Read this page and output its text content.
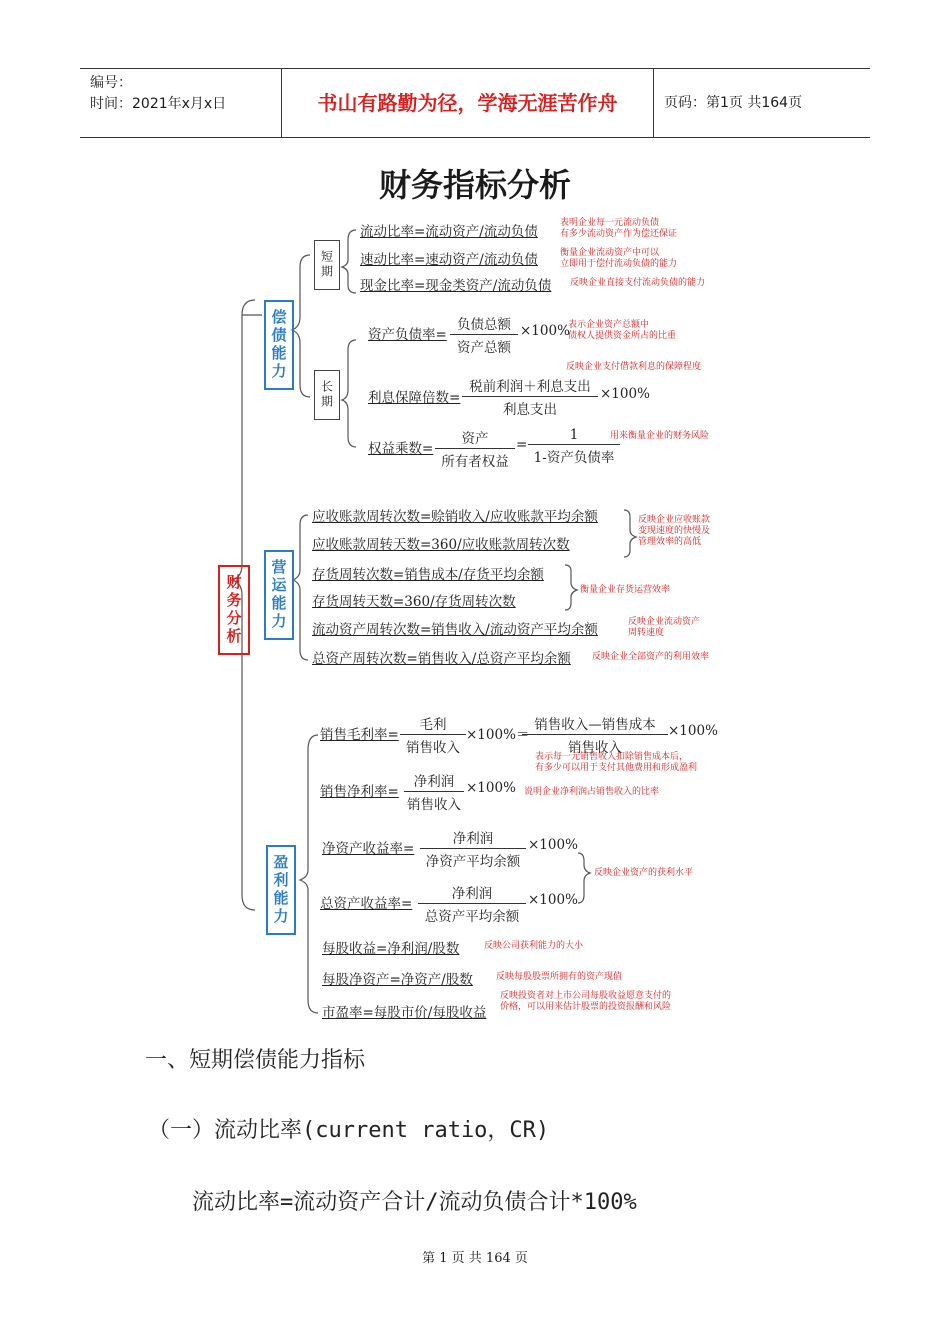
编号：
时间：2021年x月x日	书山有路勤为径，学海无涯苦作舟	页码：第1页 共164页
财务指标分析
财务分析
偿债能力
短期
长期
营运能力
盈利能力
流动比率=流动资产/流动负债
表明企业每一元流动负债
有多少流动资产作为偿还保证
速动比率=速动资产/流动负债 衡量企业流动资产中可以
立即用于偿付流动负债的能力
现金比率=现金类资产/流动负债 反映企业直接支付流动负债的能力
资产负债率=
负债总额
资产总额
×100%
表示企业资产总额中
债权人提供资金所占的比重
反映企业支付借款利息的保障程度
利息保障倍数=
税前利润＋利息支出
利息支出
×100%
权益乘数=
资产
所有者权益
=
1
1-资产负债率
用来衡量企业的财务风险
应收账款周转次数=赊销收入/应收账款平均余额
应收账款周转天数=360/应收账款周转次数
反映企业应收账款
变现速度的快慢及
管理效率的高低
存货周转次数=销售成本/存货平均余额
存货周转天数=360/存货周转次数
衡量企业存货运营效率
流动资产周转次数=销售收入/流动资产平均余额	反映企业流动资产
周转速度
总资产周转次数=销售收入/总资产平均余额 反映企业全部资产的利用效率
销售毛利率=
毛利
销售收入
×100%＝
销售收入—销售成本
销售收入
×100%
表示每一元销售收入扣除销售成本后，
有多少可以用于支付其他费用和形成盈利
销售净利率=
净利润
销售收入
×100% 说明企业净利润占销售收入的比率
净资产收益率=
净利润
净资产平均余额
×100%
反映企业资产的获利水平
总资产收益率=
净利润
总资产平均余额
×100%
每股收益=净利润/股数	反映公司获利能力的大小
每股净资产=净资产/股数	反映每股股票所拥有的资产现值
市盈率=每股市价/每股收益
反映投资者对上市公司每股收益愿意支付的
价格，可以用来估计股票的投资报酬和风险
一、短期偿债能力指标
（一）流动比率(current ratio，CR)
流动比率=流动资产合计/流动负债合计*100%
第 1 页 共 164 页
